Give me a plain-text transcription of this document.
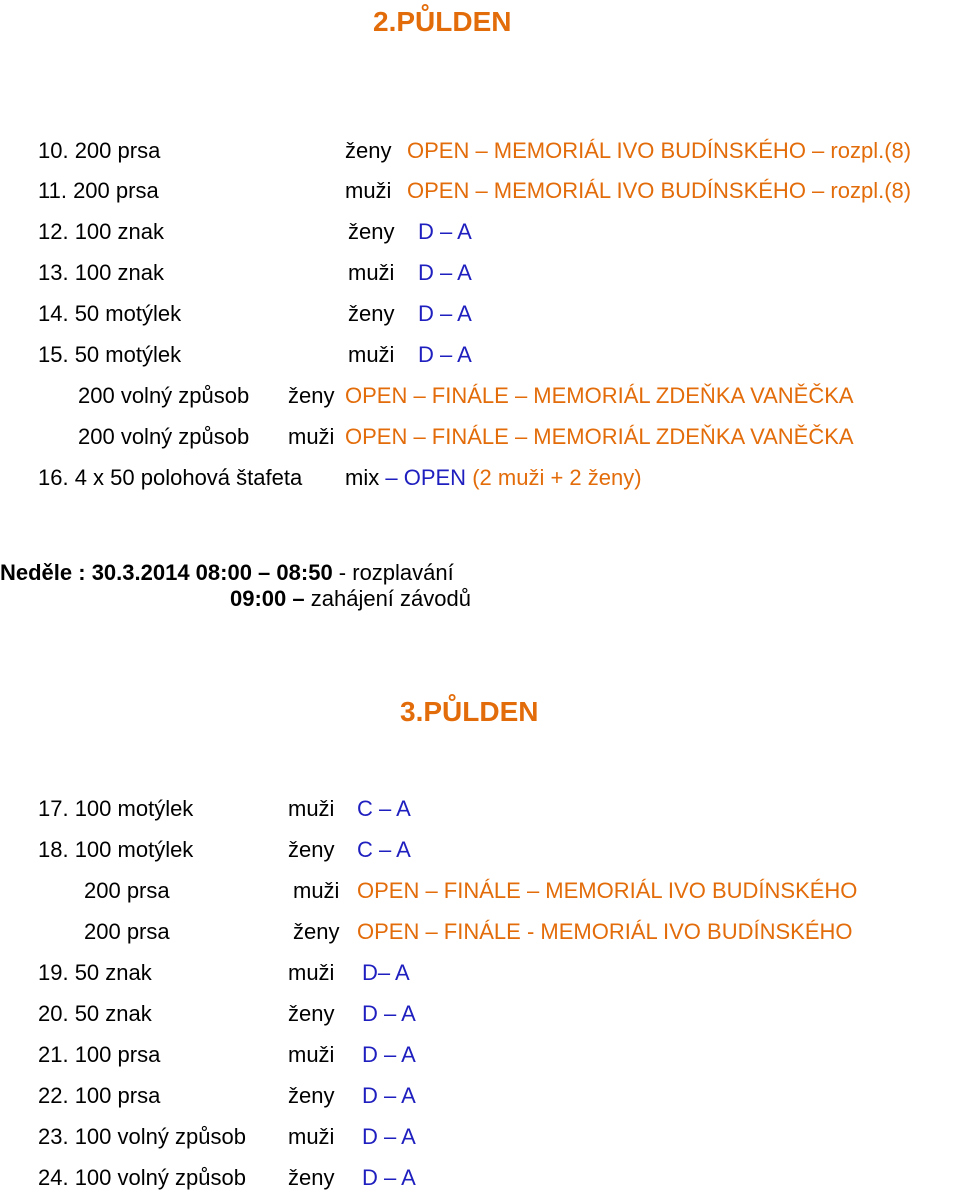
2.PŮLDEN
10. 200 prsa	ženy OPEN – MEMORIÁL IVO BUDÍNSKÉHO – rozpl.(8)
11. 200 prsa	muži OPEN – MEMORIÁL IVO BUDÍNSKÉHO – rozpl.(8)
12. 100 znak	ženy D – A
13. 100 znak	muži D – A
14. 50 motýlek	ženy D – A
15. 50 motýlek	muži D – A
200 volný způsob ženy OPEN – FINÁLE – MEMORIÁL ZDEŇKA VANĚČKA
200 volný způsob muži OPEN – FINÁLE – MEMORIÁL ZDEŇKA VANĚČKA
16. 4 x 50 polohová štafeta mix – OPEN (2 muži + 2 ženy)
Neděle : 30.3.2014 08:00 – 08:50 - rozplavání
09:00 – zahájení závodů
3.PŮLDEN
17. 100 motýlek	muži C – A
18. 100 motýlek	ženy C – A
200 prsa	muži OPEN – FINÁLE – MEMORIÁL IVO BUDÍNSKÉHO
200 prsa	ženy OPEN – FINÁLE - MEMORIÁL IVO BUDÍNSKÉHO
19. 50 znak	muži D– A
20. 50 znak	ženy D – A
21. 100 prsa	muži D – A
22. 100 prsa	ženy D – A
23. 100 volný způsob muži D – A
24. 100 volný způsob ženy D – A
